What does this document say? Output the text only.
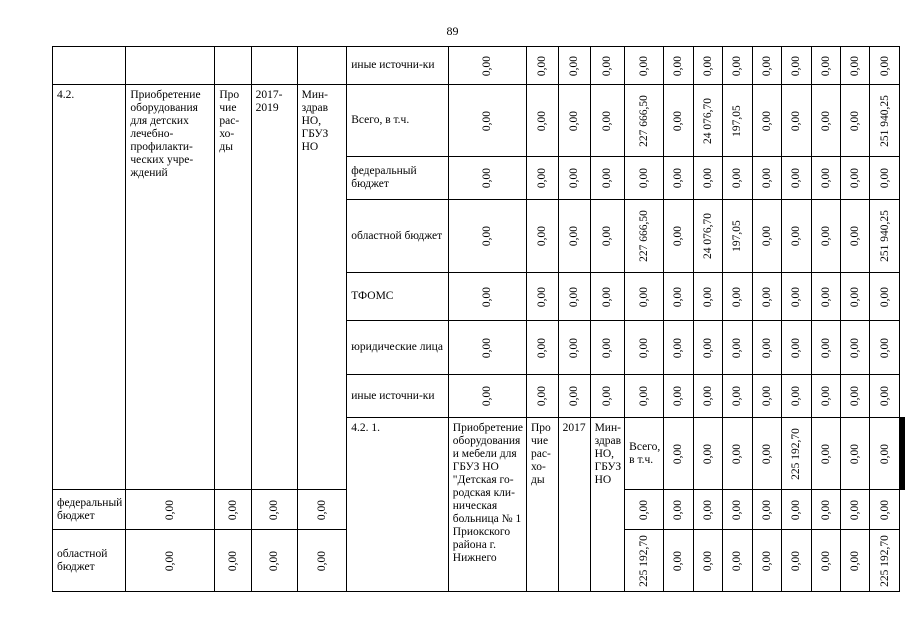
89
					иные источни-ки	0,00	0,00	0,00	0,00	0,00	0,00	0,00	0,00	0,00	0,00	0,00	0,00	0,00			

4.2.	Приобретение оборудования для детских лечебно-профилакти-ческих учре-ждений	Про чие рас-хо-ды	2017-2019	Мин-здрав НО, ГБУЗ НО	Всего, в т.ч.	0,00	0,00	0,00	0,00	227 666,50	0,00	24 076,70	197,05	0,00	0,00	0,00	0,00	251 940,25			

					федеральный бюджет	0,00	0,00	0,00	0,00	0,00	0,00	0,00	0,00	0,00	0,00	0,00	0,00	0,00			

					областной бюджет	0,00	0,00	0,00	0,00	227 666,50	0,00	24 076,70	197,05	0,00	0,00	0,00	0,00	251 940,25			

					ТФОМС	0,00	0,00	0,00	0,00	0,00	0,00	0,00	0,00	0,00	0,00	0,00	0,00	0,00			

					юридические лица	0,00	0,00	0,00	0,00	0,00	0,00	0,00	0,00	0,00	0,00	0,00	0,00	0,00			

					иные источни-ки	0,00	0,00	0,00	0,00	0,00	0,00	0,00	0,00	0,00	0,00	0,00	0,00	0,00			

					4.2. 1.	Приобретение оборудования и мебели для ГБУЗ НО "Детская го-родская кли-ническая больница № 1 Приокского района г. Нижнего	Про чие рас-хо-ды	2017	Мин-здрав НО, ГБУЗ НО	Всего, в т.ч.	0,00	0,00	0,00	0,00	225 192,70	0,00	0,00	0,00

федеральный бюджет	0,00	0,00	0,00	0,00						0,00	0,00	0,00	0,00	0,00	0,00	0,00	0,00	0,00			

областной бюджет	0,00	0,00	0,00	0,00						225 192,70	0,00	0,00	0,00	0,00	0,00	0,00	0,00	225 192,70			
